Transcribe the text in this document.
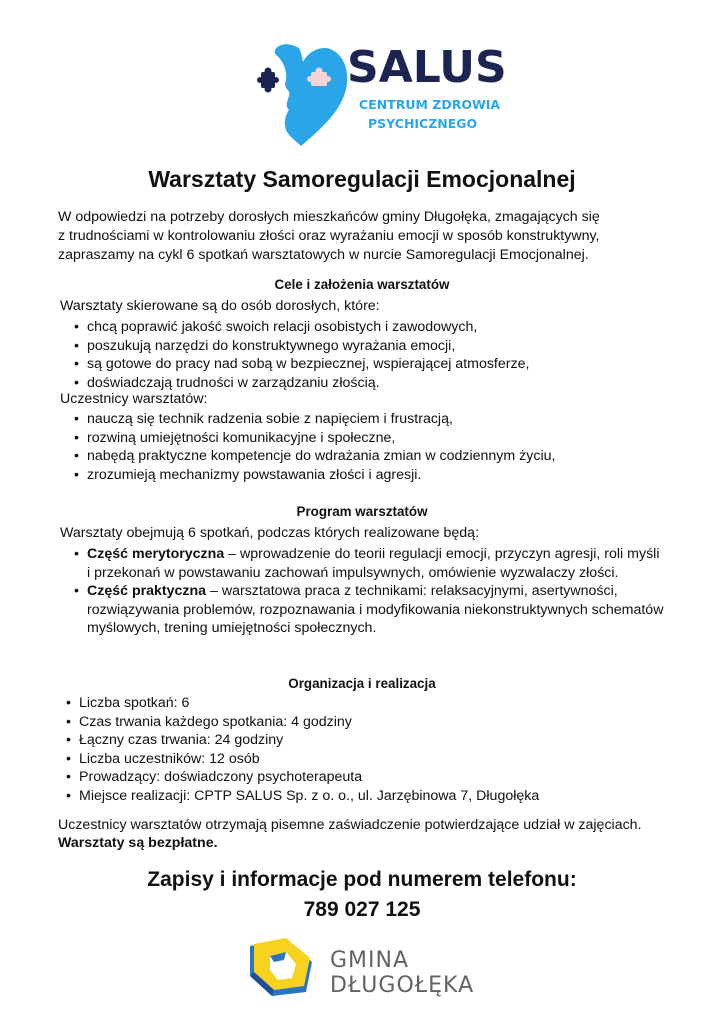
SALUS
CENTRUM ZDROWIA
PSYCHICZNEGO
Warsztaty Samoregulacji Emocjonalnej

W odpowiedzi na potrzeby dorosłych mieszkańców gminy Długołęka, zmagających się
z trudnościami w kontrolowaniu złości oraz wyrażaniu emocji w sposób konstruktywny,
zapraszamy na cykl 6 spotkań warsztatowych w nurcie Samoregulacji Emocjonalnej.

Cele i założenia warsztatów

Warsztaty skierowane są do osób dorosłych, które:

• chcą poprawić jakość swoich relacji osobistych i zawodowych,
• poszukują narzędzi do konstruktywnego wyrażania emocji,
• są gotowe do pracy nad sobą w bezpiecznej, wspierającej atmosferze,
• doświadczają trudności w zarządzaniu złością.

Uczestnicy warsztatów:

• nauczą się technik radzenia sobie z napięciem i frustracją,
• rozwiną umiejętności komunikacyjne i społeczne,
• nabędą praktyczne kompetencje do wdrażania zmian w codziennym życiu,
• zrozumieją mechanizmy powstawania złości i agresji.
Program warsztatów

Warsztaty obejmują 6 spotkań, podczas których realizowane będą:

• Część merytoryczna – wprowadzenie do teorii regulacji emocji, przyczyn agresji, roli myśli i przekonań w powstawaniu zachowań impulsywnych, omówienie wyzwalaczy złości.
• Część praktyczna – warsztatowa praca z technikami: relaksacyjnymi, asertywności, rozwiązywania problemów, rozpoznawania i modyfikowania niekonstruktywnych schematów myślowych, trening umiejętności społecznych.
Organizacja i realizacja
• Liczba spotkań: 6
• Czas trwania każdego spotkania: 4 godziny
• Łączny czas trwania: 24 godziny
• Liczba uczestników: 12 osób
• Prowadzący: doświadczony psychoterapeuta
• Miejsce realizacji: CPTP SALUS Sp. z o. o., ul. Jarzębinowa 7, Długołęka

Uczestnicy warsztatów otrzymają pisemne zaświadczenie potwierdzające udział w zajęciach.
Warsztaty są bezpłatne.

Zapisy i informacje pod numerem telefonu:

789 027 125

GMINA
DŁUGOŁĘKA
